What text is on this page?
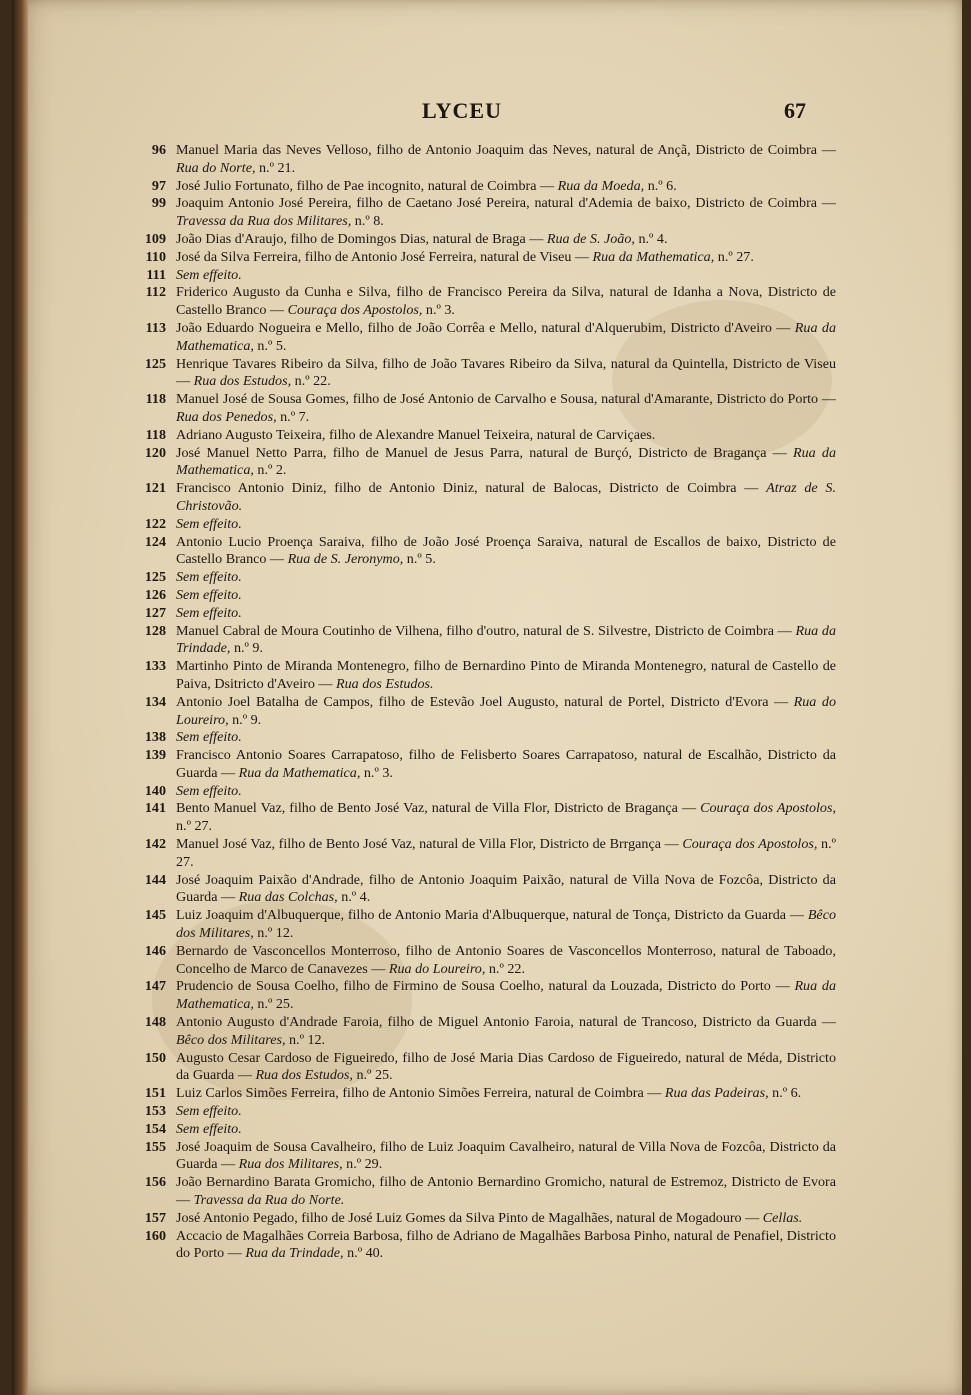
LYCEU	67
96 Manuel Maria das Neves Velloso, filho de Antonio Joaquim das Neves, natural de Ançã, Districto de Coimbra — Rua do Norte, n.º 21.
97 José Julio Fortunato, filho de Pae incognito, natural de Coimbra — Rua da Moeda, n.º 6.
99 Joaquim Antonio José Pereira, filho de Caetano José Pereira, natural d'Ademia de baixo, Districto de Coimbra — Travessa da Rua dos Militares, n.º 8.
109 João Dias d'Araujo, filho de Domingos Dias, natural de Braga — Rua de S. João, n.º 4.
110 José da Silva Ferreira, filho de Antonio José Ferreira, natural de Viseu — Rua da Mathematica, n.º 27.
111 Sem effeito.
112 Friderico Augusto da Cunha e Silva, filho de Francisco Pereira da Silva, natural de Idanha a Nova, Districto de Castello Branco — Couraça dos Apostolos, n.º 3.
113 João Eduardo Nogueira e Mello, filho de João Corrêa e Mello, natural d'Alquerubim, Districto d'Aveiro — Rua da Mathematica, n.º 5.
125 Henrique Tavares Ribeiro da Silva, filho de João Tavares Ribeiro da Silva, natural da Quintella, Districto de Viseu — Rua dos Estudos, n.º 22.
118 Manuel José de Sousa Gomes, filho de José Antonio de Carvalho e Sousa, natural d'Amarante, Districto do Porto — Rua dos Penedos, n.º 7.
118 Adriano Augusto Teixeira, filho de Alexandre Manuel Teixeira, natural de Carviçaes.
120 José Manuel Netto Parra, filho de Manuel de Jesus Parra, natural de Burçó, Districto de Bragança — Rua da Mathematica, n.º 2.
121 Francisco Antonio Diniz, filho de Antonio Diniz, natural de Balocas, Districto de Coimbra — Atraz de S. Christovão.
122 Sem effeito.
124 Antonio Lucio Proença Saraiva, filho de João José Proença Saraiva, natural de Escallos de baixo, Districto de Castello Branco — Rua de S. Jeronymo, n.º 5.
125 Sem effeito.
126 Sem effeito.
127 Sem effeito.
128 Manuel Cabral de Moura Coutinho de Vilhena, filho d'outro, natural de S. Silvestre, Districto de Coimbra — Rua da Trindade, n.º 9.
133 Martinho Pinto de Miranda Montenegro, filho de Bernardino Pinto de Miranda Montenegro, natural de Castello de Paiva, Dsitricto d'Aveiro — Rua dos Estudos.
134 Antonio Joel Batalha de Campos, filho de Estevão Joel Augusto, natural de Portel, Districto d'Evora — Rua do Loureiro, n.º 9.
138 Sem effeito.
139 Francisco Antonio Soares Carrapatoso, filho de Felisberto Soares Carrapatoso, natural de Escalhão, Districto da Guarda — Rua da Mathematica, n.º 3.
140 Sem effeito.
141 Bento Manuel Vaz, filho de Bento José Vaz, natural de Villa Flor, Districto de Bragança — Couraça dos Apostolos, n.º 27.
142 Manuel José Vaz, filho de Bento José Vaz, natural de Villa Flor, Districto de Brrgança — Couraça dos Apostolos, n.º 27.
144 José Joaquim Paixão d'Andrade, filho de Antonio Joaquim Paixão, natural de Villa Nova de Fozcôa, Districto da Guarda — Rua das Colchas, n.º 4.
145 Luiz Joaquim d'Albuquerque, filho de Antonio Maria d'Albuquerque, natural de Tonça, Districto da Guarda — Bêco dos Militares, n.º 12.
146 Bernardo de Vasconcellos Monterroso, filho de Antonio Soares de Vasconcellos Monterroso, natural de Taboado, Concelho de Marco de Canavezes — Rua do Loureiro, n.º 22.
147 Prudencio de Sousa Coelho, filho de Firmino de Sousa Coelho, natural da Louzada, Districto do Porto — Rua da Mathematica, n.º 25.
148 Antonio Augusto d'Andrade Faroia, filho de Miguel Antonio Faroia, natural de Trancoso, Districto da Guarda — Bêco dos Militares, n.º 12.
150 Augusto Cesar Cardoso de Figueiredo, filho de José Maria Dias Cardoso de Figueiredo, natural de Méda, Districto da Guarda — Rua dos Estudos, n.º 25.
151 Luiz Carlos Simões Ferreira, filho de Antonio Simões Ferreira, natural de Coimbra — Rua das Padeiras, n.º 6.
153 Sem effeito.
154 Sem effeito.
155 José Joaquim de Sousa Cavalheiro, filho de Luiz Joaquim Cavalheiro, natural de Villa Nova de Fozcôa, Districto da Guarda — Rua dos Militares, n.º 29.
156 João Bernardino Barata Gromicho, filho de Antonio Bernardino Gromicho, natural de Estremoz, Districto de Evora — Travessa da Rua do Norte.
157 José Antonio Pegado, filho de José Luiz Gomes da Silva Pinto de Magalhães, natural de Mogadouro — Cellas.
160 Accacio de Magalhães Correia Barbosa, filho de Adriano de Magalhães Barbosa Pinho, natural de Penafiel, Districto do Porto — Rua da Trindade, n.º 40.
